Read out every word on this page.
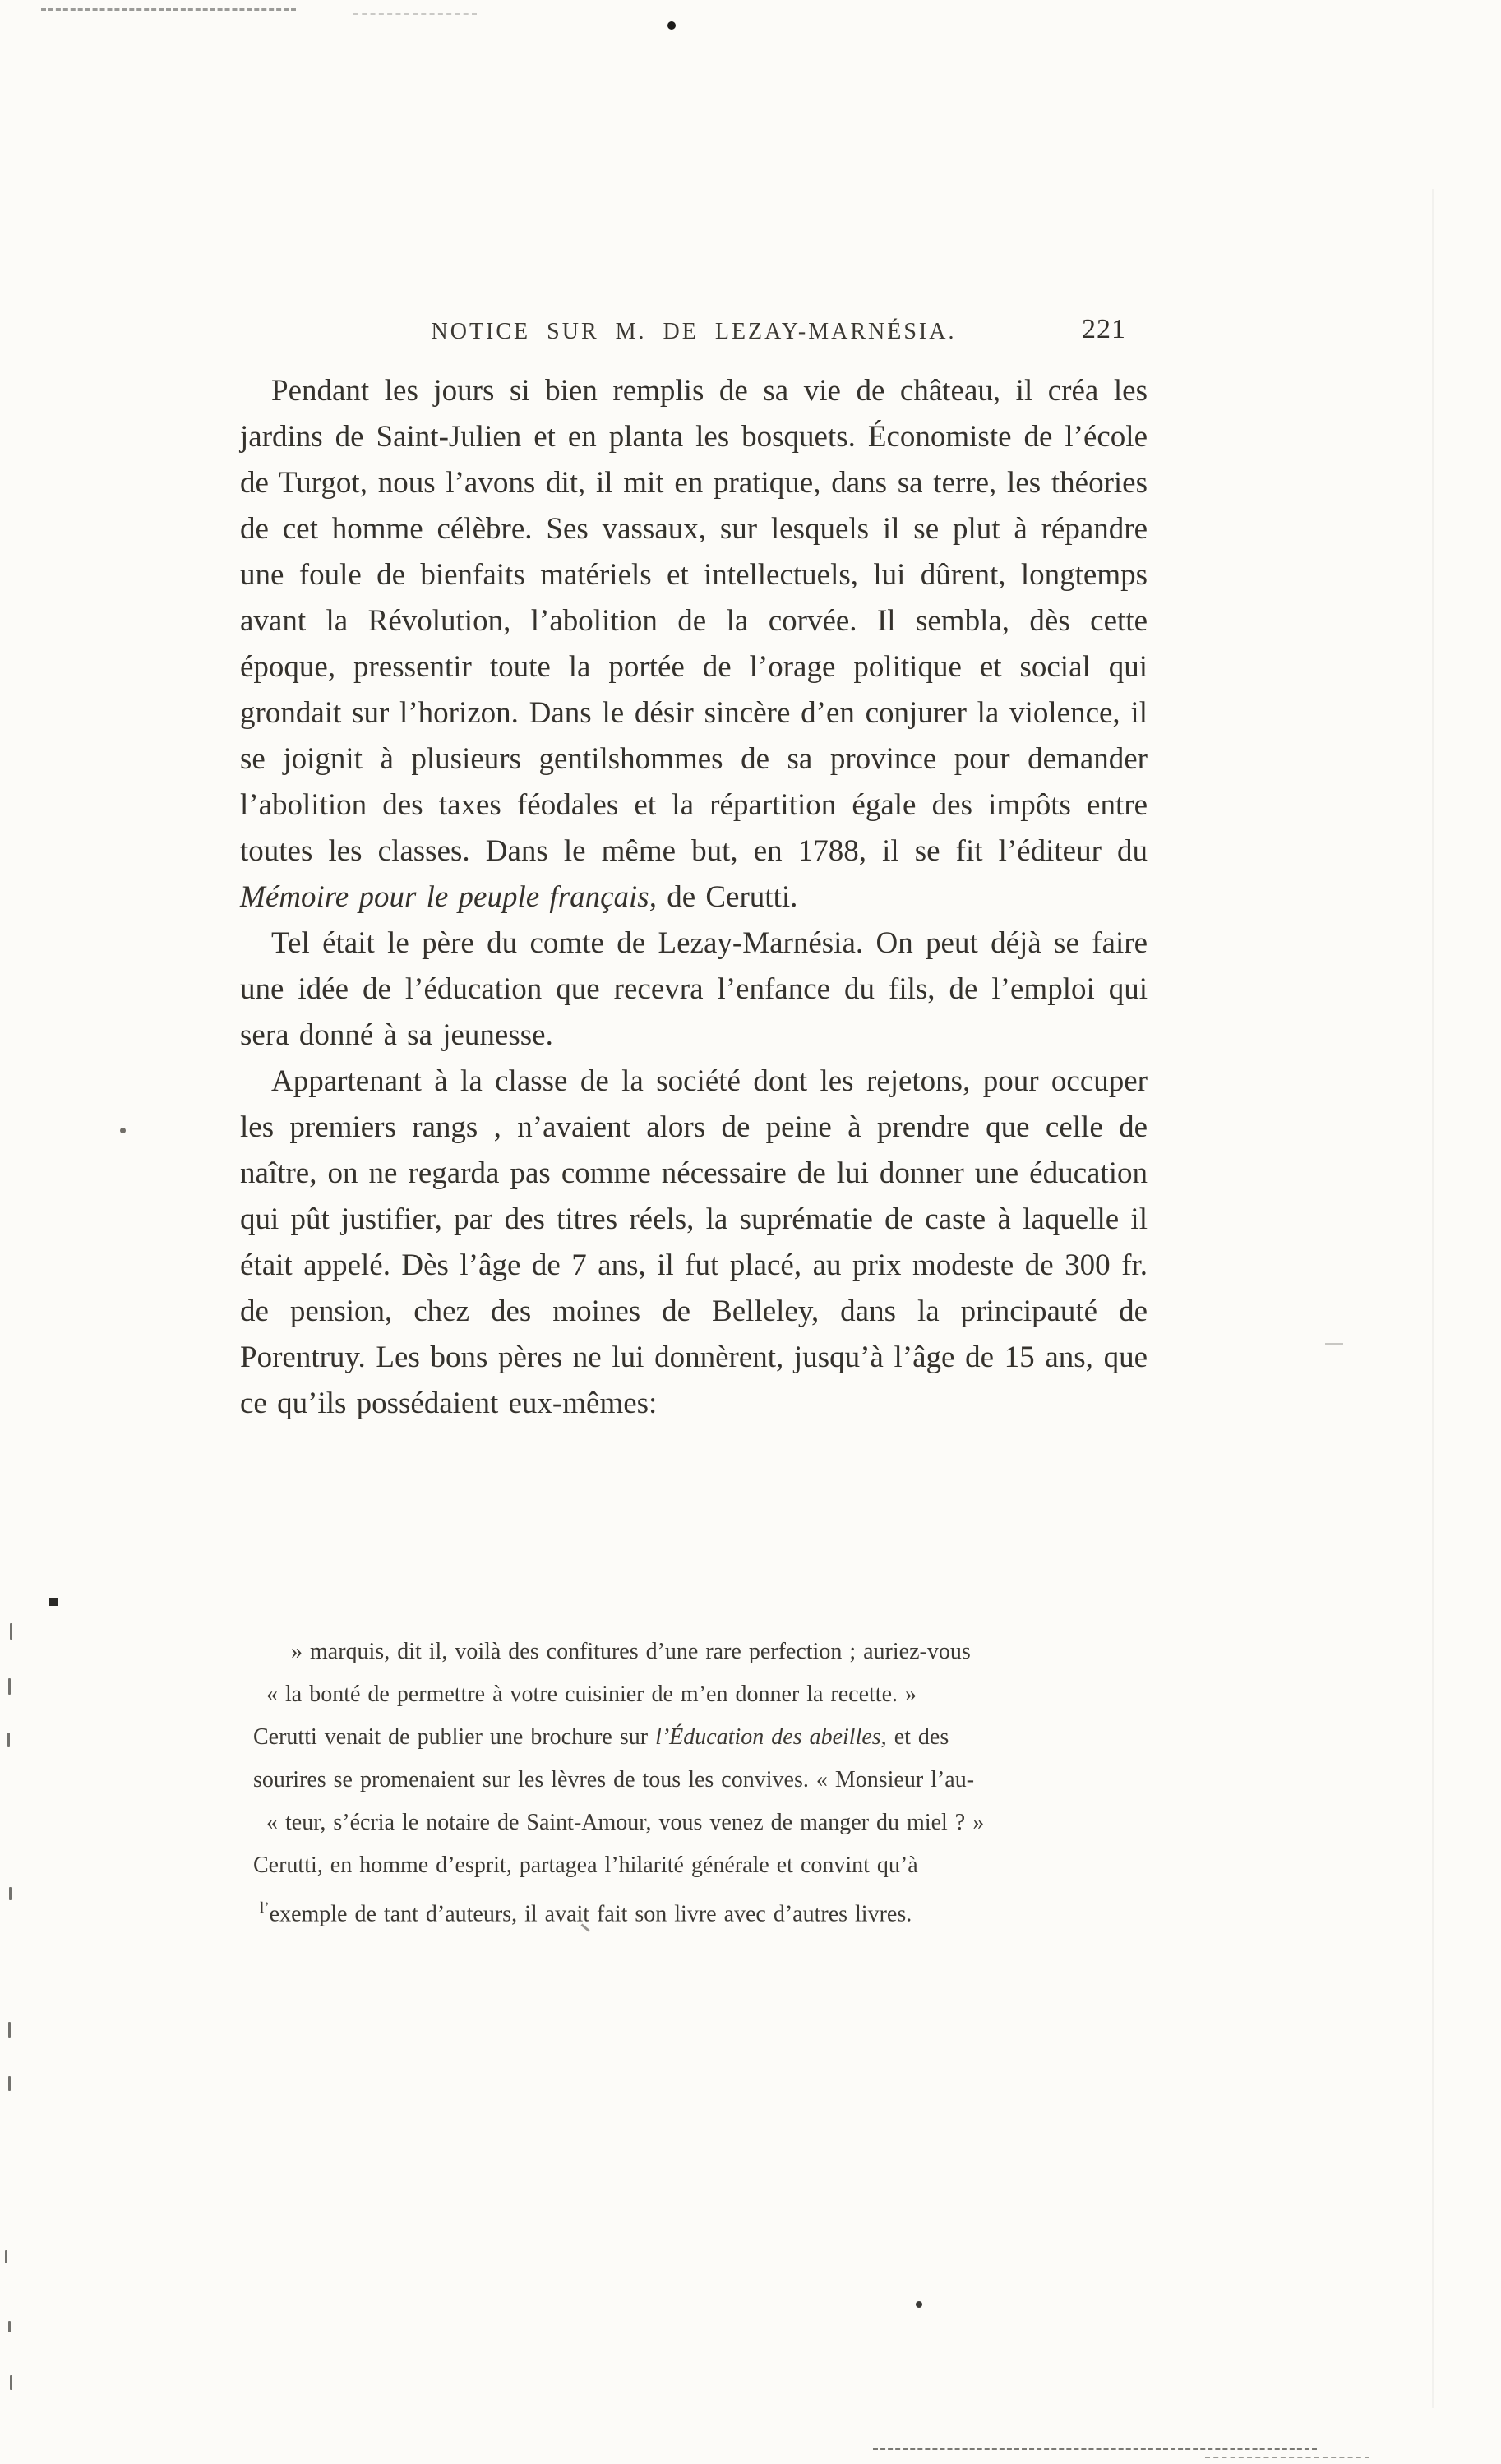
NOTICE SUR M. DE LEZAY-MARNÉSIA.	221

Pendant les jours si bien remplis de sa vie de château, il créa les jardins de Saint-Julien et en planta les bosquets. Économiste de l’école de Turgot, nous l’avons dit, il mit en pratique, dans sa terre, les théories de cet homme célèbre. Ses vassaux, sur lesquels il se plut à répandre une foule de bienfaits matériels et intellectuels, lui dûrent, longtemps avant la Révolution, l’abolition de la corvée. Il sembla, dès cette époque, pressentir toute la portée de l’orage politique et social qui grondait sur l’horizon. Dans le désir sincère d’en conjurer la violence, il se joignit à plusieurs gentilshommes de sa province pour demander l’abolition des taxes féodales et la répartition égale des impôts entre toutes les classes. Dans le même but, en 1788, il se fit l’éditeur du Mémoire pour le peuple français, de Cerutti.

Tel était le père du comte de Lezay-Marnésia. On peut déjà se faire une idée de l’éducation que recevra l’enfance du fils, de l’emploi qui sera donné à sa jeunesse.

Appartenant à la classe de la société dont les rejetons, pour occuper les premiers rangs , n’avaient alors de peine à prendre que celle de naître, on ne regarda pas comme nécessaire de lui donner une éducation qui pût justifier, par des titres réels, la suprématie de caste à laquelle il était appelé. Dès l’âge de 7 ans, il fut placé, au prix modeste de 300 fr. de pension, chez des moines de Belleley, dans la principauté de Porentruy. Les bons pères ne lui donnèrent, jusqu’à l’âge de 15 ans, que ce qu’ils possédaient eux-mêmes:

» marquis, dit il, voilà des confitures d’une rare perfection ; auriez-vous
« la bonté de permettre à votre cuisinier de m’en donner la recette. »
Cerutti venait de publier une brochure sur l’Éducation des abeilles, et des
sourires se promenaient sur les lèvres de tous les convives. « Monsieur l’au-
« teur, s’écria le notaire de Saint-Amour, vous venez de manger du miel ? »
Cerutti, en homme d’esprit, partagea l’hilarité générale et convint qu’à
$^{l’}$exemple de tant d’auteurs, il avait fait son livre avec d’autres livres.
